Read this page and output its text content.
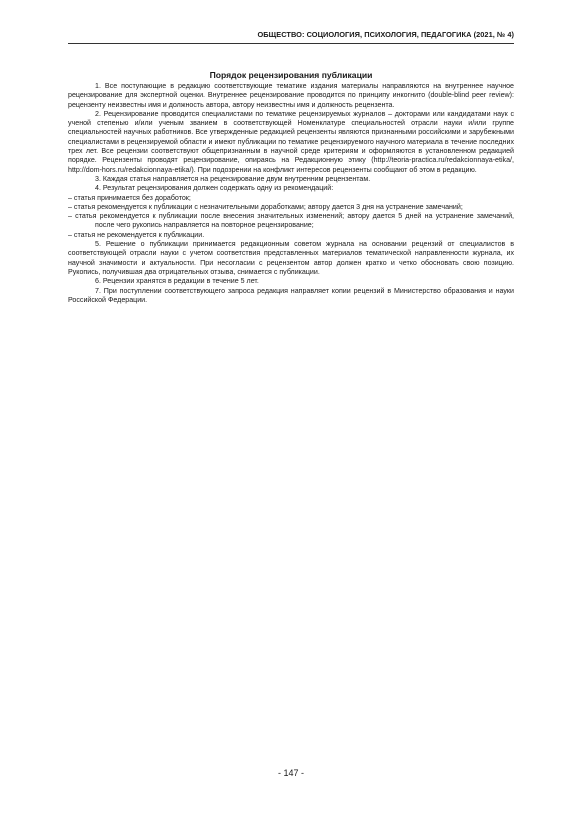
ОБЩЕСТВО: СОЦИОЛОГИЯ, ПСИХОЛОГИЯ, ПЕДАГОГИКА (2021, № 4)
Порядок рецензирования публикации

1. Все поступающие в редакцию соответствующие тематике издания материалы направляются на внутреннее научное рецензирование для экспертной оценки. Внутреннее рецензирование проводится по принципу инкогнито (double-blind peer review): рецензенту неизвестны имя и должность автора, автору неизвестны имя и должность рецензента.

2. Рецензирование проводится специалистами по тематике рецензируемых журналов – докторами или кандидатами наук с ученой степенью и/или ученым званием в соответствующей Номенклатуре специальностей отрасли науки и/или группе специальностей научных работников. Все утвержденные редакцией рецензенты являются признанными российскими и зарубежными специалистами в рецензируемой области и имеют публикации по тематике рецензируемого научного материала в течение последних трех лет. Все рецензии соответствуют общепризнанным в научной среде критериям и оформляются в установленном редакцией порядке. Рецензенты проводят рецензирование, опираясь на Редакционную этику (http://teoria-practica.ru/redakcionnaya-etika/, http://dom-hors.ru/redakcionnaya-etika/). При подозрении на конфликт интересов рецензенты сообщают об этом в редакцию.

3. Каждая статья направляется на рецензирование двум внутренним рецензентам.

4. Результат рецензирования должен содержать одну из рекомендаций:

– статья принимается без доработок;

– статья рекомендуется к публикации с незначительными доработками; автору дается 3 дня на устранение замечаний;

– статья рекомендуется к публикации после внесения значительных изменений; автору дается 5 дней на устранение замечаний, после чего рукопись направляется на повторное рецензирование;

– статья не рекомендуется к публикации.

5. Решение о публикации принимается редакционным советом журнала на основании рецензий от специалистов в соответствующей отрасли науки с учетом соответствия представленных материалов тематической направленности журнала, их научной значимости и актуальности. При несогласии с рецензентом автор должен кратко и четко обосновать свою позицию. Рукопись, получившая два отрицательных отзыва, снимается с публикации.

6. Рецензии хранятся в редакции в течение 5 лет.

7. При поступлении соответствующего запроса редакция направляет копии рецензий в Министерство образования и науки Российской Федерации.

- 147 -
